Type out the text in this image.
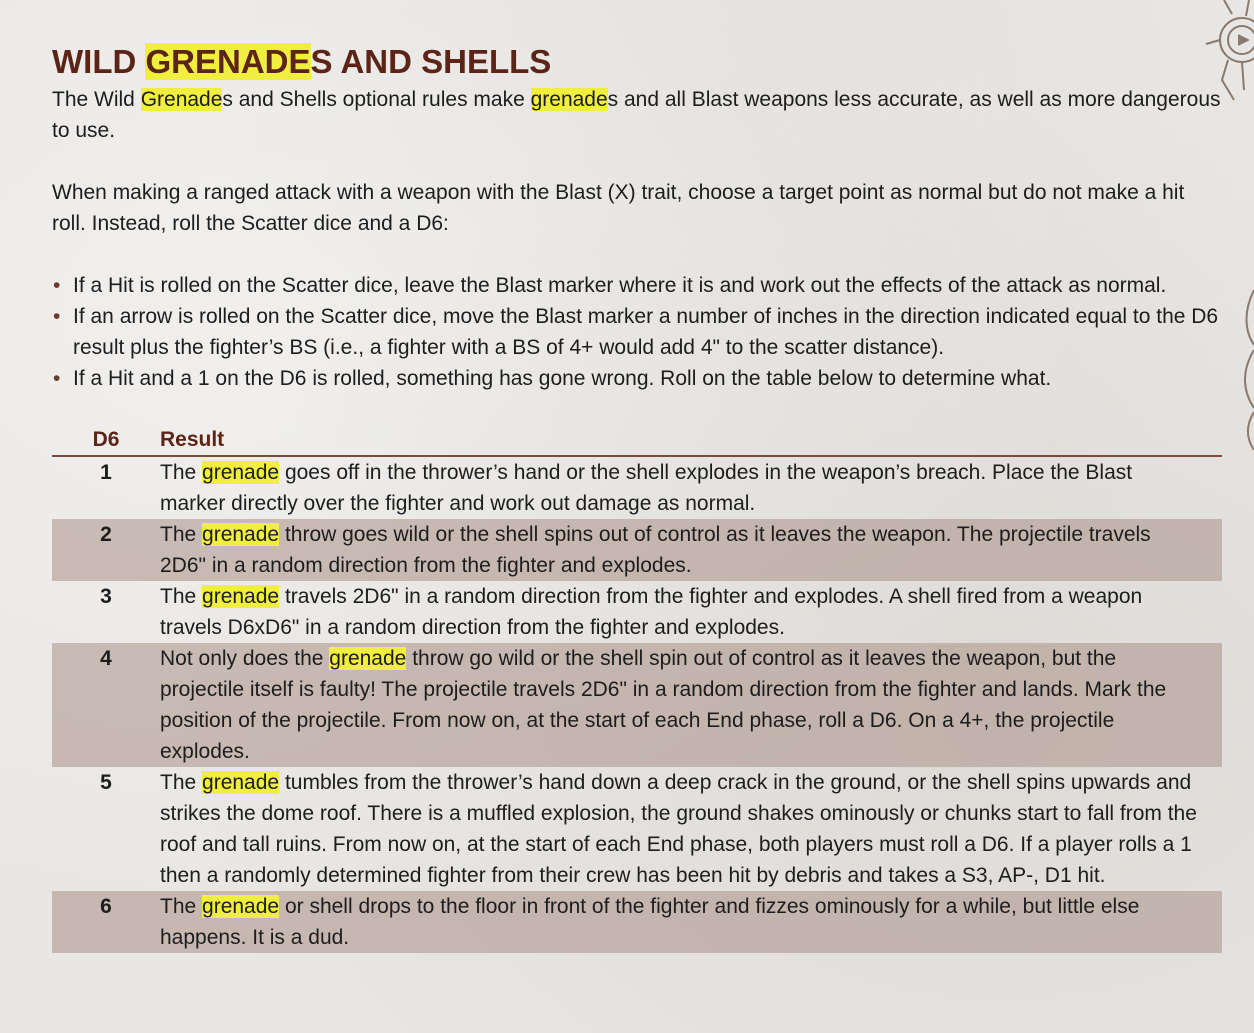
WILD GRENADES AND SHELLS

The Wild Grenades and Shells optional rules make grenades and all Blast weapons less accurate, as well as more dangerous to use.

When making a ranged attack with a weapon with the Blast (X) trait, choose a target point as normal but do not make a hit roll. Instead, roll the Scatter dice and a D6:

• If a Hit is rolled on the Scatter dice, leave the Blast marker where it is and work out the effects of the attack as normal.
• If an arrow is rolled on the Scatter dice, move the Blast marker a number of inches in the direction indicated equal to the D6 result plus the fighter’s BS (i.e., a fighter with a BS of 4+ would add 4" to the scatter distance).
• If a Hit and a 1 on the D6 is rolled, something has gone wrong. Roll on the table below to determine what.
D6	Result
1	The grenade goes off in the thrower’s hand or the shell explodes in the weapon’s breach. Place the Blast marker directly over the fighter and work out damage as normal.
2	The grenade throw goes wild or the shell spins out of control as it leaves the weapon. The projectile travels 2D6" in a random direction from the fighter and explodes.
3	The grenade travels 2D6" in a random direction from the fighter and explodes. A shell fired from a weapon travels D6xD6" in a random direction from the fighter and explodes.
4	Not only does the grenade throw go wild or the shell spin out of control as it leaves the weapon, but the projectile itself is faulty! The projectile travels 2D6" in a random direction from the fighter and lands. Mark the position of the projectile. From now on, at the start of each End phase, roll a D6. On a 4+, the projectile explodes.
5	The grenade tumbles from the thrower’s hand down a deep crack in the ground, or the shell spins upwards and strikes the dome roof. There is a muffled explosion, the ground shakes ominously or chunks start to fall from the roof and tall ruins. From now on, at the start of each End phase, both players must roll a D6. If a player rolls a 1 then a randomly determined fighter from their crew has been hit by debris and takes a S3, AP-, D1 hit.
6	The grenade or shell drops to the floor in front of the fighter and fizzes ominously for a while, but little else happens. It is a dud.
